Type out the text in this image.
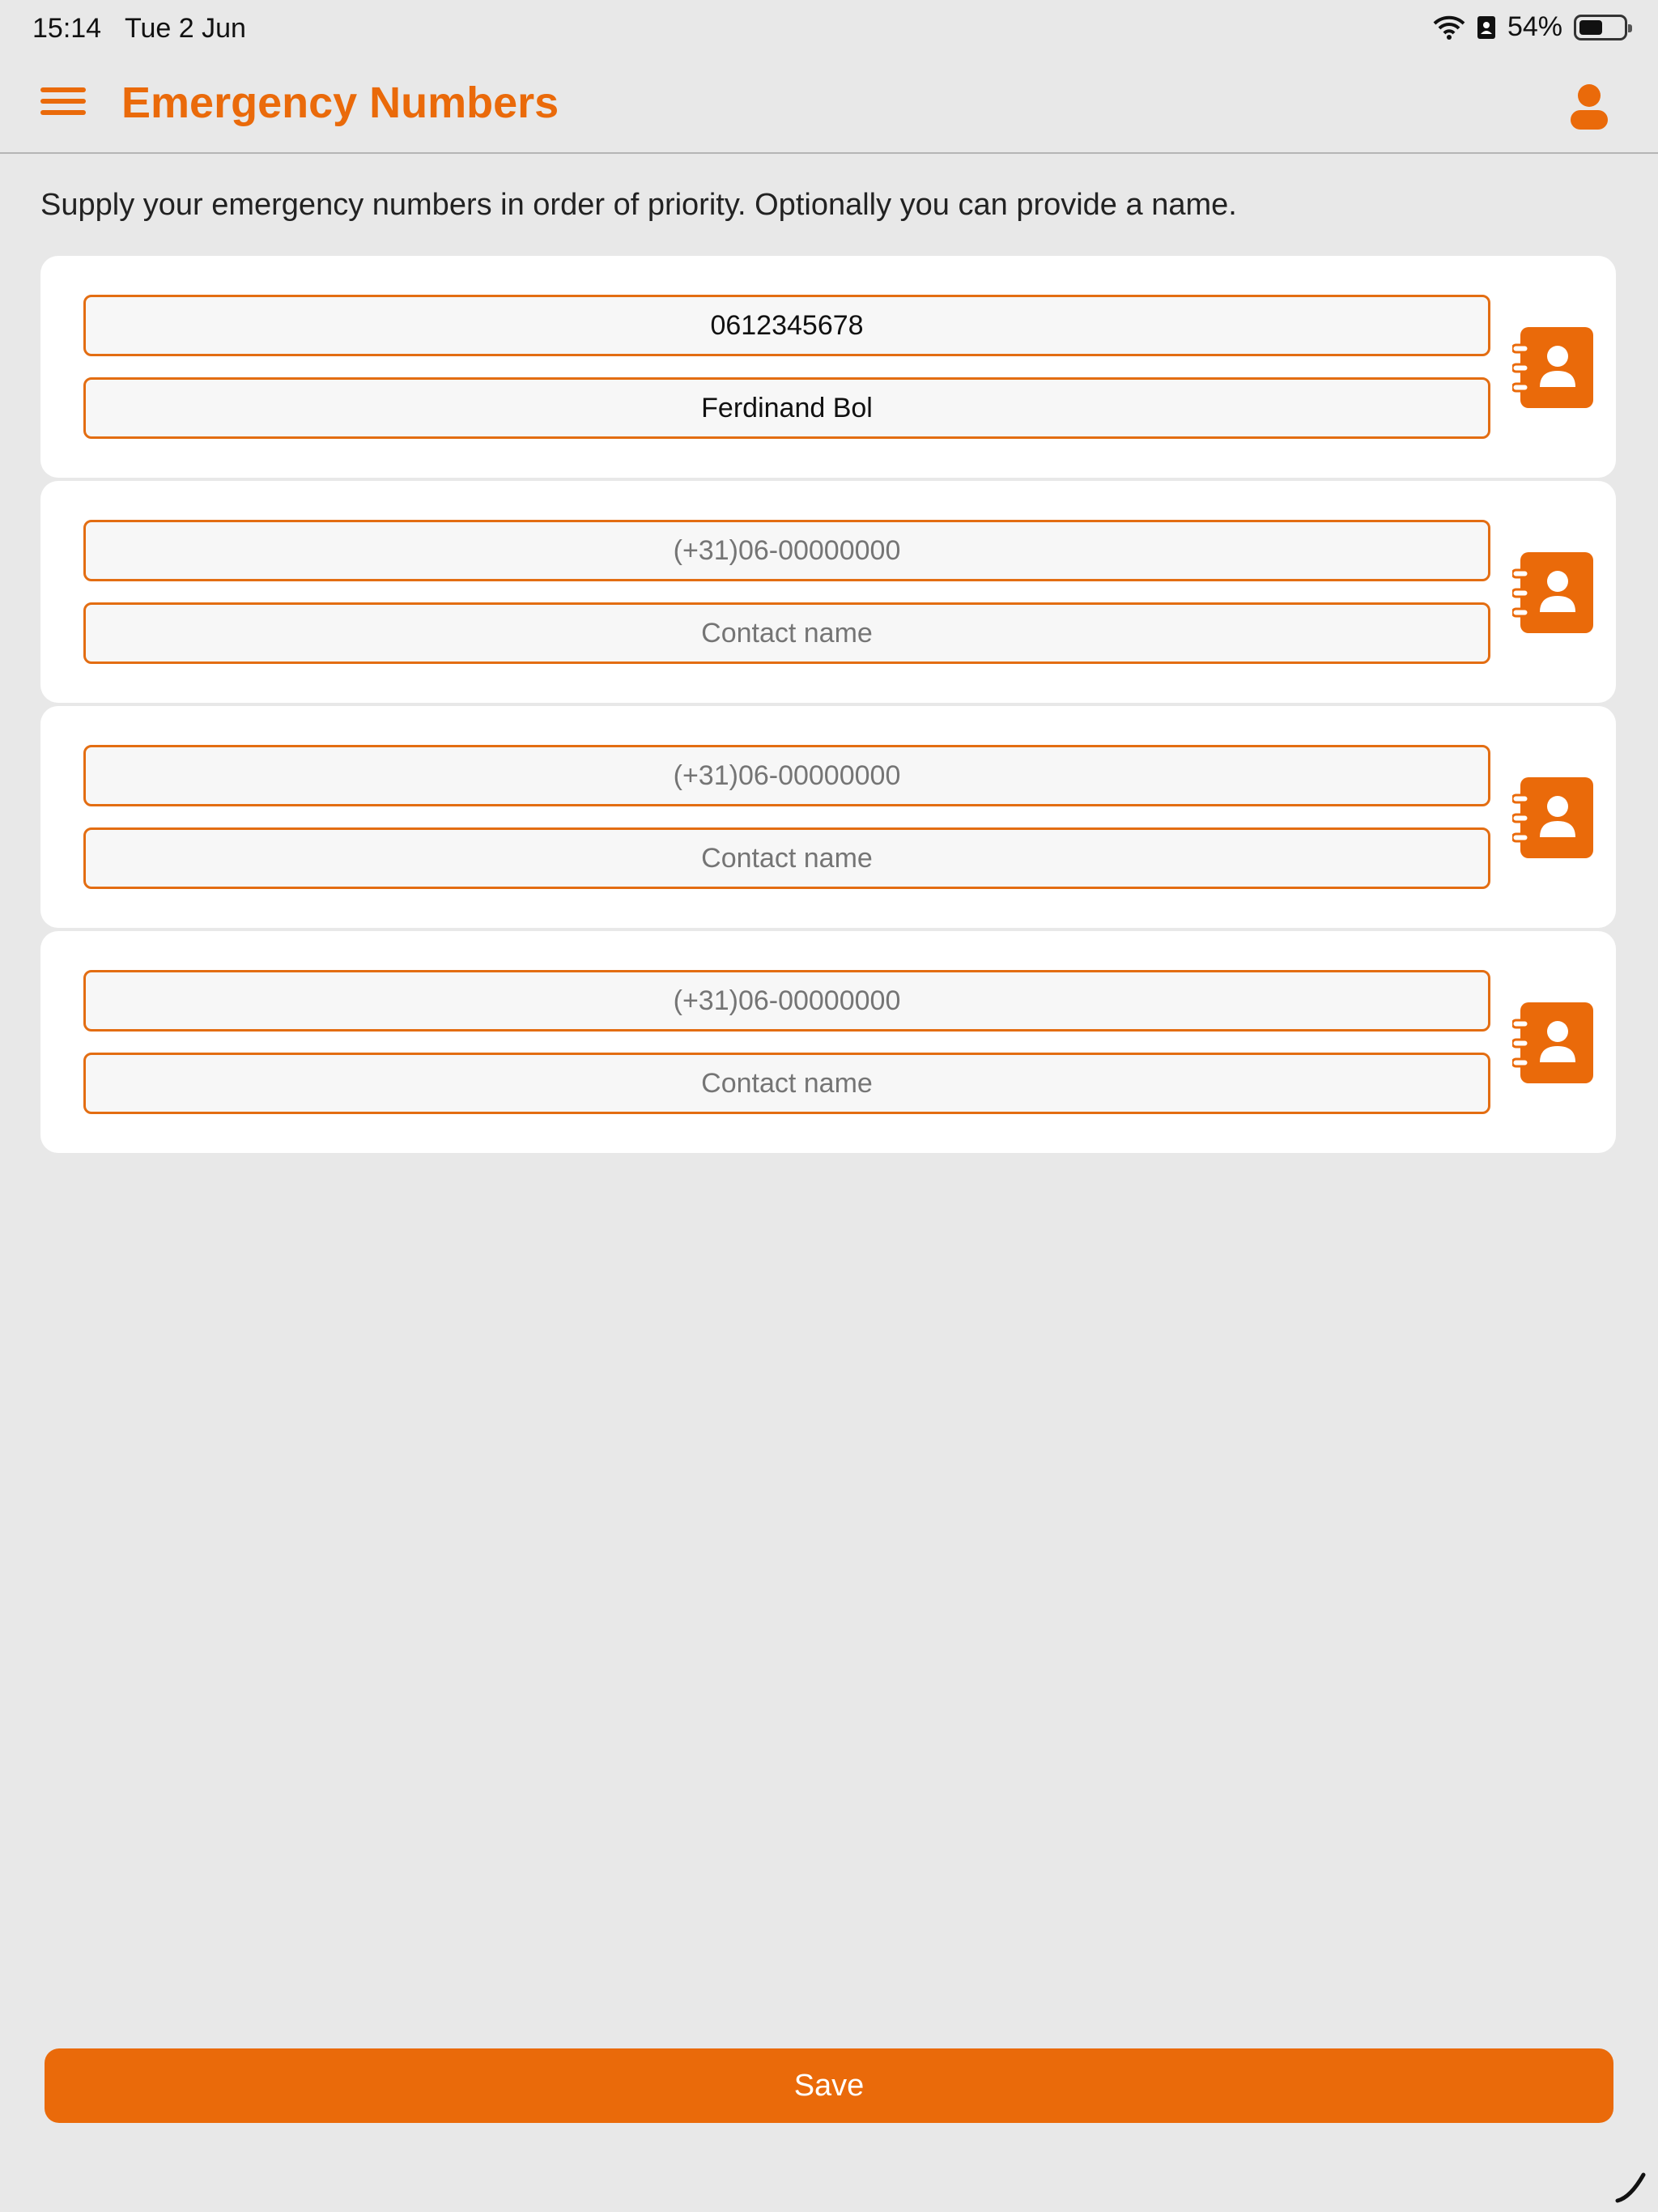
15:14 Tue 2 Jun	54%
Emergency Numbers
Supply your emergency numbers in order of priority. Optionally you can provide a name.
0612345678
Ferdinand Bol
(+31)06-00000000
Contact name
(+31)06-00000000
Contact name
(+31)06-00000000
Contact name
Save
